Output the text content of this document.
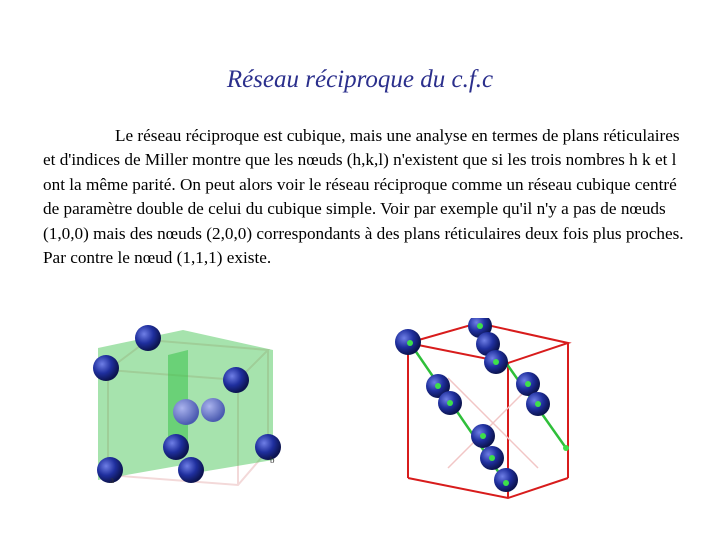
Réseau réciproque du c.f.c
Le réseau réciproque est cubique, mais une analyse en termes de plans réticulaires et d'indices de Miller montre que les nœuds (h,k,l) n'existent que si les trois nombres h k et l ont la même parité. On peut alors voir le réseau réciproque comme un réseau cubique centré de paramètre double de celui du cubique simple. Voir par exemple qu'il n'y a pas de nœuds (1,0,0) mais des nœuds (2,0,0) correspondants à des plans réticulaires deux fois plus proches. Par contre le nœud (1,1,1) existe.
a
b
